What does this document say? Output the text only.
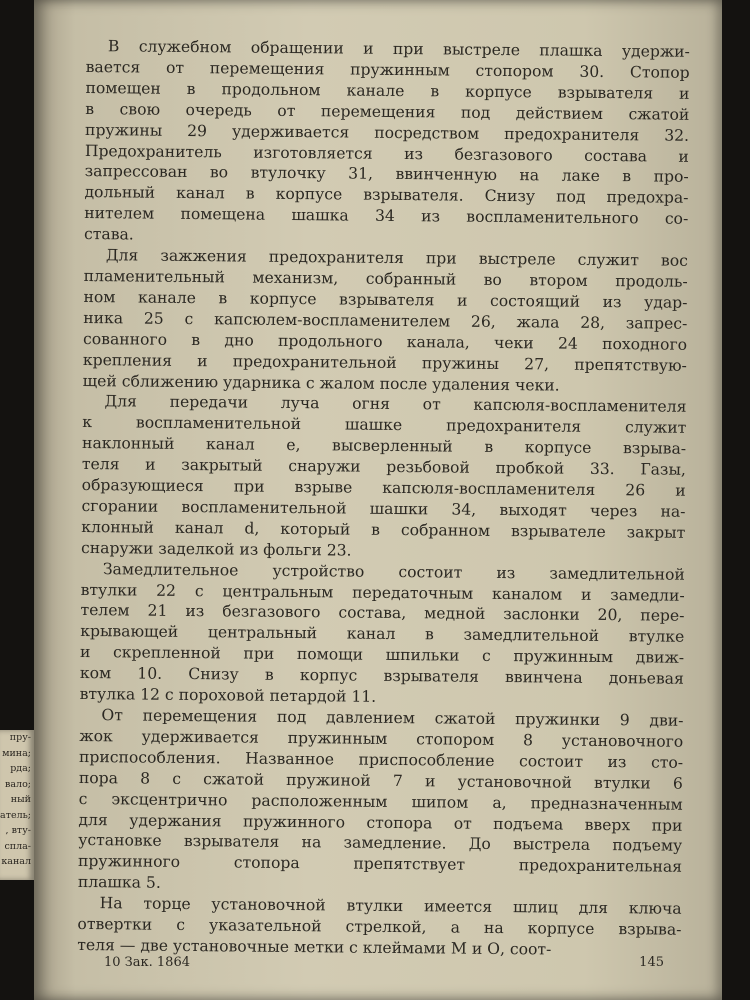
пру-
мина;
рда;
вало;
ный
атель;
, вту-
спла-
канал
В служебном обращении и при выстреле плашка удержи-
вается от перемещения пружинным стопором 30. Стопор
помещен в продольном канале в корпусе взрывателя и
в свою очередь от перемещения под действием сжатой
пружины 29 удерживается посредством предохранителя 32.
Предохранитель изготовляется из безгазового состава и
запрессован во втулочку 31, ввинченную на лаке в про-
дольный канал в корпусе взрывателя. Снизу под предохра-
нителем помещена шашка 34 из воспламенительного со-
става.
Для зажжения предохранителя при выстреле служит вос
пламенительный механизм, собранный во втором продоль-
ном канале в корпусе взрывателя и состоящий из удар-
ника 25 с капсюлем-воспламенителем 26, жала 28, запрес-
сованного в дно продольного канала, чеки 24 походного
крепления и предохранительной пружины 27, препятствую-
щей сближению ударника с жалом после удаления чеки.
Для передачи луча огня от капсюля-воспламенителя
к воспламенительной шашке предохранителя служит
наклонный канал е, высверленный в корпусе взрыва-
теля и закрытый снаружи резьбовой пробкой 33. Газы,
образующиеся при взрыве капсюля-воспламенителя 26 и
сгорании воспламенительной шашки 34, выходят через на-
клонный канал d, который в собранном взрывателе закрыт
снаружи заделкой из фольги 23.
Замедлительное устройство состоит из замедлительной
втулки 22 с центральным передаточным каналом и замедли-
телем 21 из безгазового состава, медной заслонки 20, пере-
крывающей центральный канал в замедлительной втулке
и скрепленной при помощи шпильки с пружинным движ-
ком 10. Снизу в корпус взрывателя ввинчена доньевая
втулка 12 с пороховой петардой 11.
От перемещения под давлением сжатой пружинки 9 дви-
жок удерживается пружинным стопором 8 установочного
приспособления. Названное приспособление состоит из сто-
пора 8 с сжатой пружиной 7 и установочной втулки 6
с эксцентрично расположенным шипом а, предназначенным
для удержания пружинного стопора от подъема вверх при
установке взрывателя на замедление. До выстрела подъему
пружинного стопора препятствует предохранительная
плашка 5.
На торце установочной втулки имеется шлиц для ключа
отвертки с указательной стрелкой, а на корпусе взрыва-
теля — две установочные метки с клеймами М и О, соот-
10 Зак. 1864	145
